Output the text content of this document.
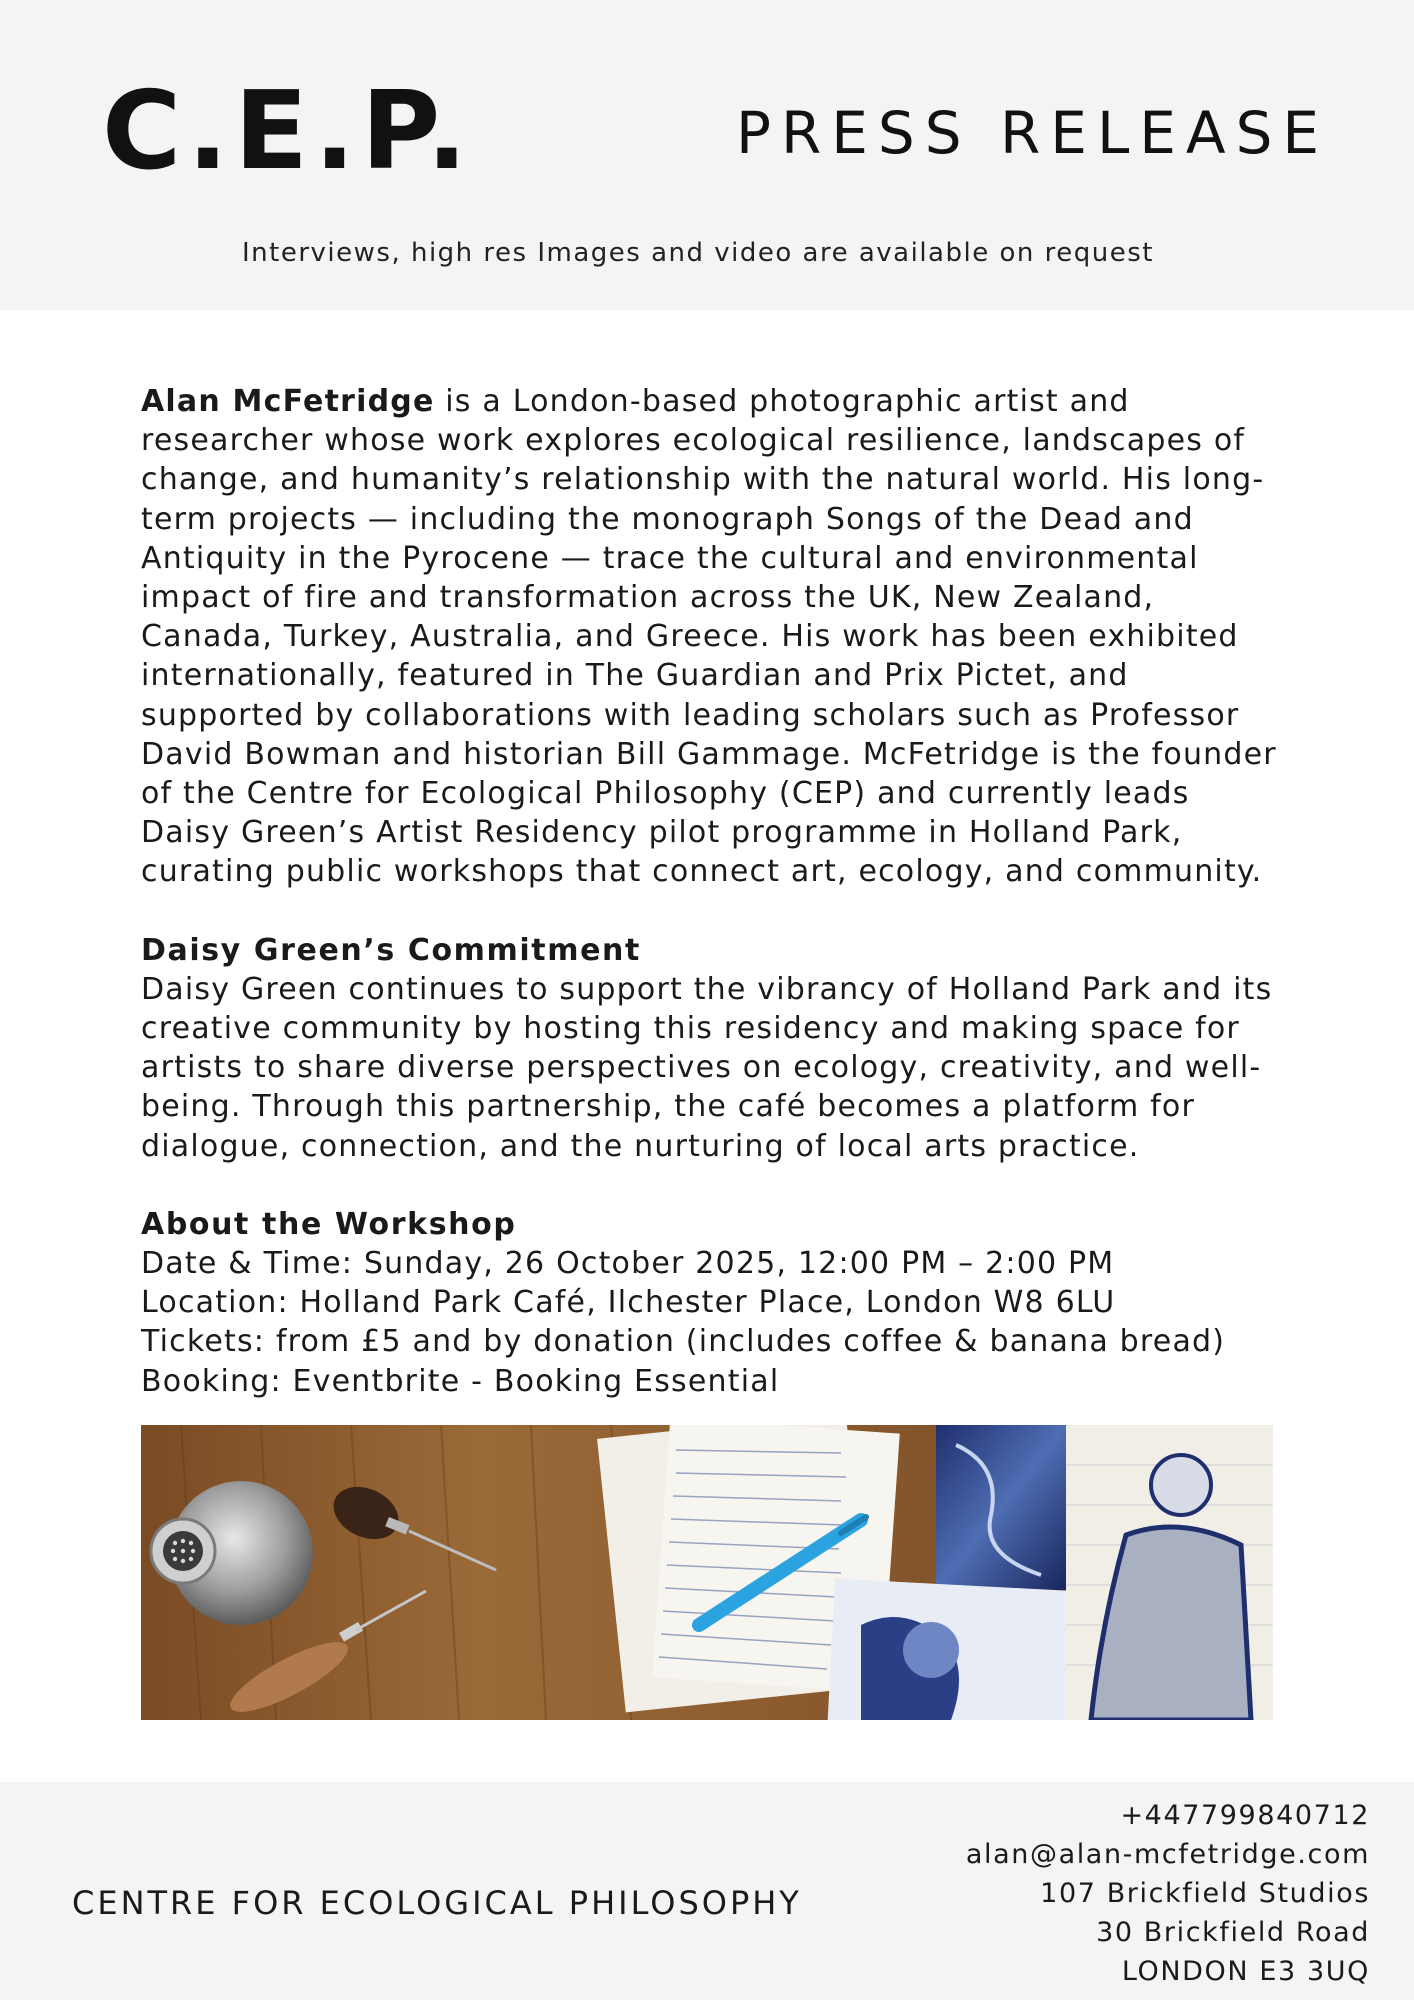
C.E.P.	PRESS RELEASE
Interviews, high res Images and video are available on request

Alan McFetridge is a London-based photographic artist and

researcher whose work explores ecological resilience, landscapes of

change, and humanity’s relationship with the natural world. His long-

term projects — including the monograph Songs of the Dead and

Antiquity in the Pyrocene — trace the cultural and environmental

impact of fire and transformation across the UK, New Zealand,

Canada, Turkey, Australia, and Greece. His work has been exhibited

internationally, featured in The Guardian and Prix Pictet, and

supported by collaborations with leading scholars such as Professor

David Bowman and historian Bill Gammage. McFetridge is the founder

of the Centre for Ecological Philosophy (CEP) and currently leads

Daisy Green’s Artist Residency pilot programme in Holland Park,

curating public workshops that connect art, ecology, and community.

Daisy Green’s Commitment

Daisy Green continues to support the vibrancy of Holland Park and its

creative community by hosting this residency and making space for

artists to share diverse perspectives on ecology, creativity, and well-

being. Through this partnership, the café becomes a platform for

dialogue, connection, and the nurturing of local arts practice.

About the Workshop

Date & Time: Sunday, 26 October 2025, 12:00 PM – 2:00 PM

Location: Holland Park Café, Ilchester Place, London W8 6LU

Tickets: from £5 and by donation (includes coffee & banana bread)

Booking: Eventbrite - Booking Essential

CENTRE FOR ECOLOGICAL PHILOSOPHY
+447799840712
alan@alan-mcfetridge.com
107 Brickfield Studios
30 Brickfield Road
LONDON E3 3UQ
